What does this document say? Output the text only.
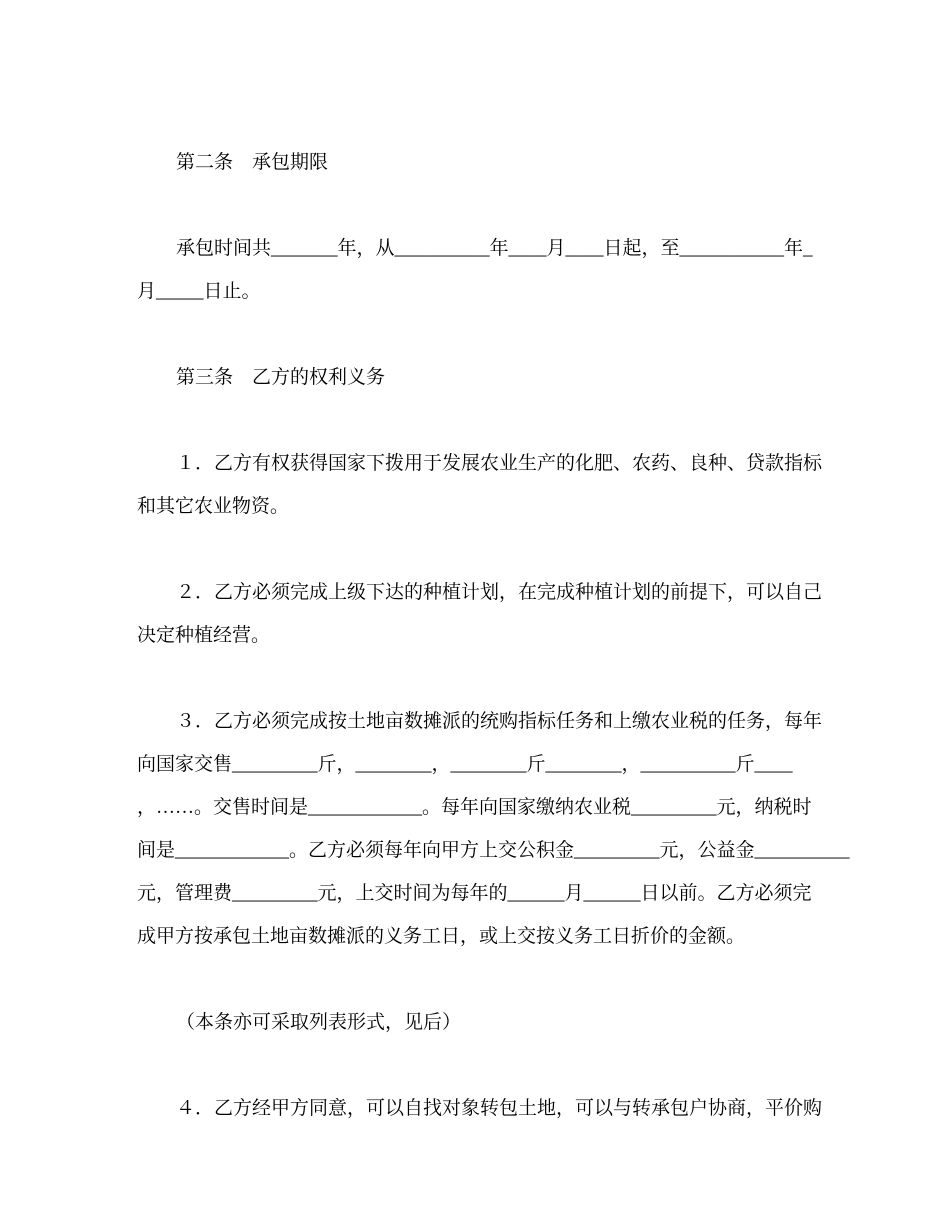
第二条　承包期限
承包时间共_______年，从__________年____月____日起，至___________年_
月_____日止。
第三条　乙方的权利义务
１．乙方有权获得国家下拨用于发展农业生产的化肥、农药、良种、贷款指标
和其它农业物资。
２．乙方必须完成上级下达的种植计划，在完成种植计划的前提下，可以自己
决定种植经营。
３．乙方必须完成按土地亩数摊派的统购指标任务和上缴农业税的任务，每年
向国家交售_________斤，________，________斤________，__________斤____
，……。交售时间是____________。每年向国家缴纳农业税_________元，纳税时
间是____________。乙方必须每年向甲方上交公积金_________元，公益金__________
元，管理费_________元，上交时间为每年的______月______日以前。乙方必须完
成甲方按承包土地亩数摊派的义务工日，或上交按义务工日折价的金额。
（本条亦可采取列表形式，见后）
４．乙方经甲方同意，可以自找对象转包土地，可以与转承包户协商，平价购
